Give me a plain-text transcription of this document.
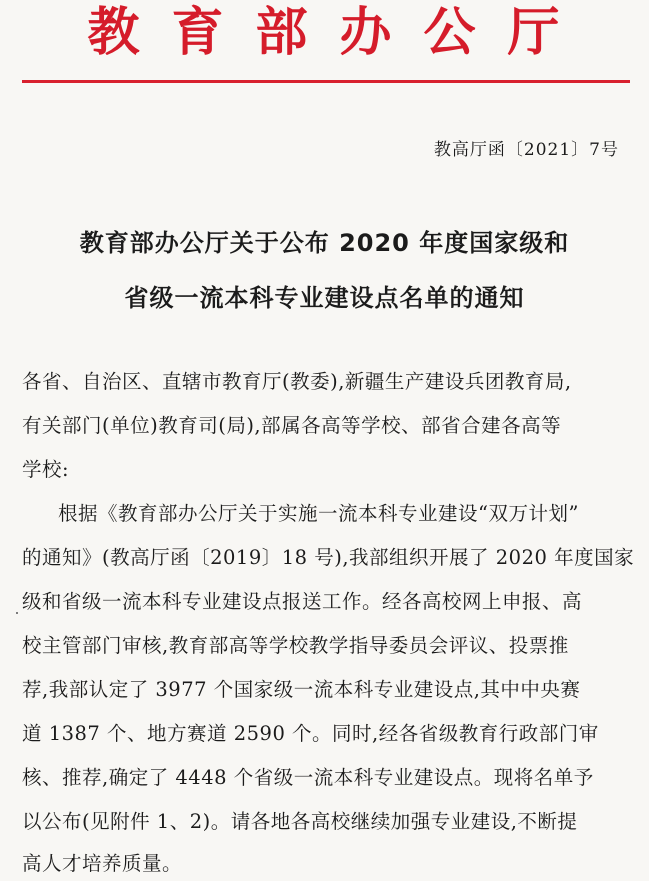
教育部办公厅
教高厅函〔2021〕7号
教育部办公厅关于公布 2020 年度国家级和
省级一流本科专业建设点名单的通知
各省、自治区、直辖市教育厅(教委),新疆生产建设兵团教育局,
有关部门(单位)教育司(局),部属各高等学校、部省合建各高等
学校:
根据《教育部办公厅关于实施一流本科专业建设“双万计划”
的通知》(教高厅函〔2019〕18 号),我部组织开展了 2020 年度国家
级和省级一流本科专业建设点报送工作。经各高校网上申报、高
校主管部门审核,教育部高等学校教学指导委员会评议、投票推
荐,我部认定了 3977 个国家级一流本科专业建设点,其中中央赛
道 1387 个、地方赛道 2590 个。同时,经各省级教育行政部门审
核、推荐,确定了 4448 个省级一流本科专业建设点。现将名单予
以公布(见附件 1、2)。请各地各高校继续加强专业建设,不断提
高人才培养质量。
